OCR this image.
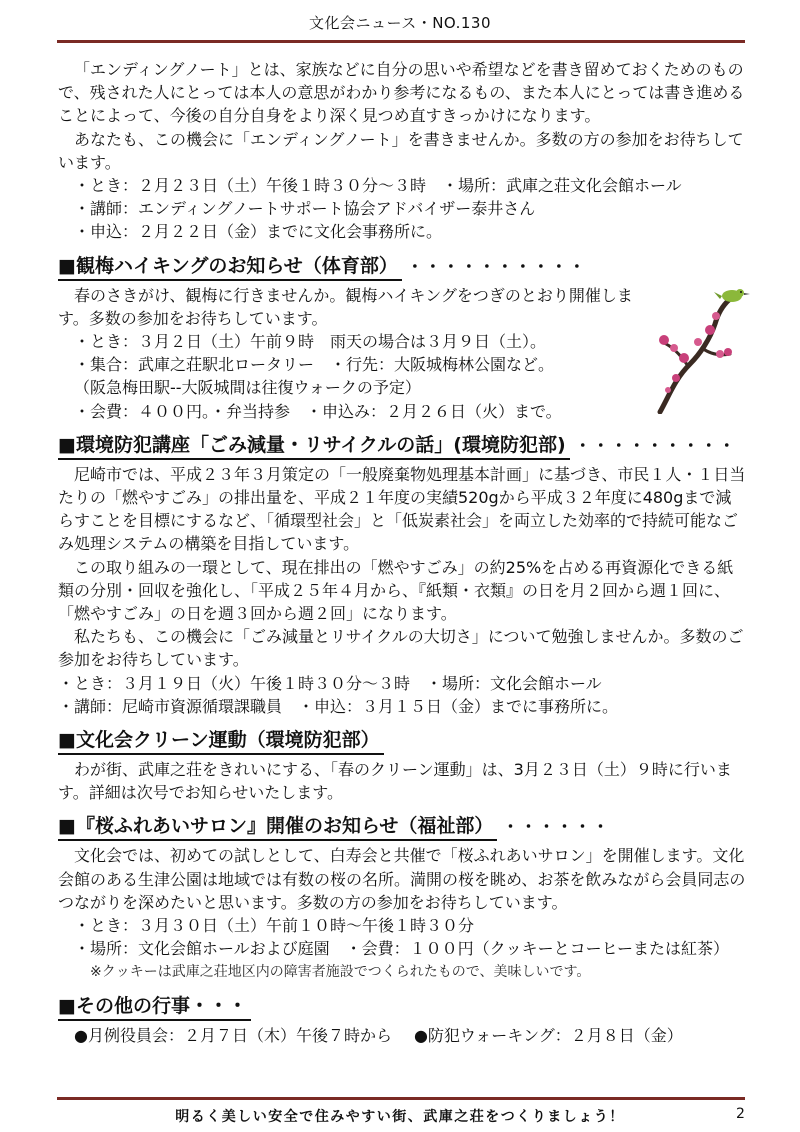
文化会ニュース・NO.130

「エンディングノート」とは、家族などに自分の思いや希望などを書き留めておくためのもので、残された人にとっては本人の意思がわかり参考になるもの、また本人にとっては書き進めることによって、今後の自分自身をより深く見つめ直すきっかけになります。

あなたも、この機会に「エンディングノート」を書きませんか。多数の方の参加をお待ちしています。

・とき：２月２３日（土）午後１時３０分～３時　・場所：武庫之荘文化会館ホール

・講師：エンディングノートサポート協会アドバイザー泰井さん

・申込：２月２２日（金）までに文化会事務所に。

■観梅ハイキングのお知らせ（体育部） ・・・・・・・・・・

春のさきがけ、観梅に行きませんか。観梅ハイキングをつぎのとおり開催します。多数の参加をお待ちしています。

・とき：３月２日（土）午前９時　雨天の場合は３月９日（土）。

・集合：武庫之荘駅北ロータリー　・行先：大阪城梅林公園など。

（阪急梅田駅--大阪城間は往復ウォークの予定）

・会費：４００円。・弁当持参　・申込み：２月２６日（火）まで。

■環境防犯講座「ごみ減量・リサイクルの話」(環境防犯部) ・・・・・・・・・

尼崎市では、平成２３年３月策定の「一般廃棄物処理基本計画」に基づき、市民１人・１日当たりの「燃やすごみ」の排出量を、平成２１年度の実績520gから平成３２年度に480gまで減らすことを目標にするなど、「循環型社会」と「低炭素社会」を両立した効率的で持続可能なごみ処理システムの構築を目指しています。

この取り組みの一環として、現在排出の「燃やすごみ」の約25%を占める再資源化できる紙類の分別・回収を強化し、「平成２５年４月から、『紙類・衣類』の日を月２回から週１回に、「燃やすごみ」の日を週３回から週２回」になります。

私たちも、この機会に「ごみ減量とリサイクルの大切さ」について勉強しませんか。多数のご参加をお待ちしています。

・とき：３月１９日（火）午後１時３０分～３時　・場所：文化会館ホール

・講師：尼崎市資源循環課職員　・申込：３月１５日（金）までに事務所に。

■文化会クリーン運動（環境防犯部）

わが街、武庫之荘をきれいにする、「春のクリーン運動」は、3月２３日（土）９時に行います。詳細は次号でお知らせいたします。

■『桜ふれあいサロン』開催のお知らせ（福祉部） ・・・・・・

文化会では、初めての試しとして、白寿会と共催で「桜ふれあいサロン」を開催します。文化会館のある生津公園は地域では有数の桜の名所。満開の桜を眺め、お茶を飲みながら会員同志のつながりを深めたいと思います。多数の方の参加をお待ちしています。

・とき：３月３０日（土）午前１０時～午後１時３０分

・場所：文化会館ホールおよび庭園　・会費：１００円（クッキーとコーヒーまたは紅茶）

※クッキーは武庫之荘地区内の障害者施設でつくられたもので、美味しいです。

■その他の行事・・・

●月例役員会：２月７日（木）午後７時から ●防犯ウォーキング：２月８日（金）

明るく美しい安全で住みやすい街、武庫之荘をつくりましょう！	2
